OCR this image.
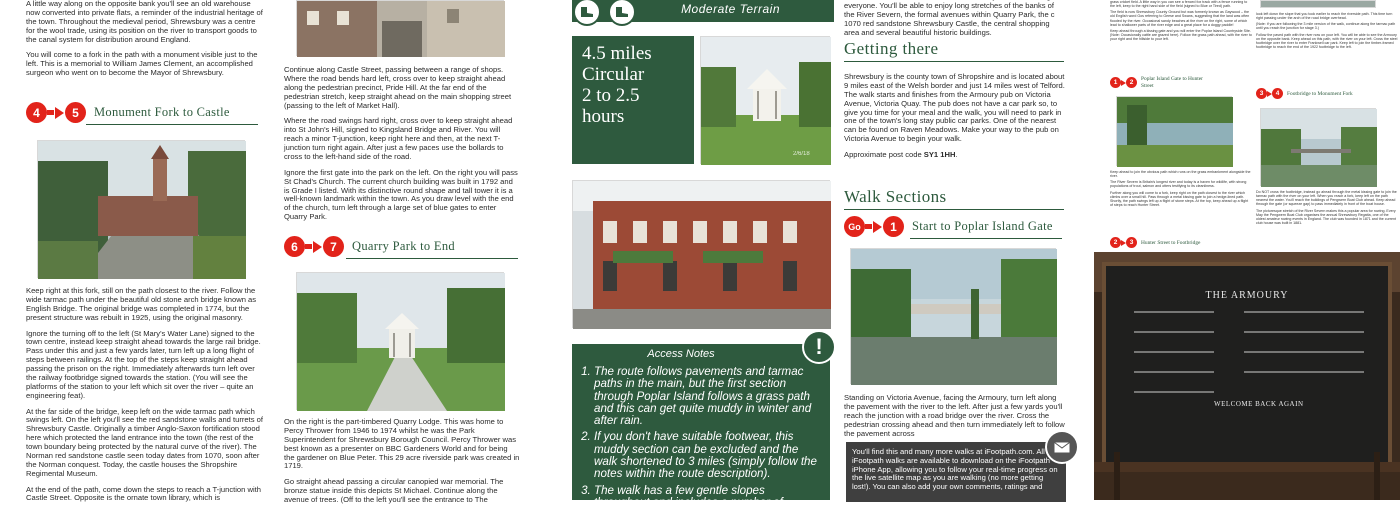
A little way along on the opposite bank you'll see an old warehouse now converted into private flats, a reminder of the industrial heritage of the town. Throughout the medieval period, Shrewsbury was a centre for the wool trade, using its position on the river to transport goods to the canal system for distribution around England.

You will come to a fork in the path with a monument visible just to the left. This is a memorial to William James Clement, an accomplished surgeon who went on to become the Mayor of Shrewsbury.

4	5	Monument Fork to Castle

Keep right at this fork, still on the path closest to the river. Follow the wide tarmac path under the beautiful old stone arch bridge known as English Bridge. The original bridge was completed in 1774, but the present structure was rebuilt in 1925, using the original masonry.

Ignore the turning off to the left (St Mary's Water Lane) signed to the town centre, instead keep straight ahead towards the large rail bridge. Pass under this and just a few yards later, turn left up a long flight of steps between railings. At the top of the steps keep straight ahead passing the prison on the right. Immediately afterwards turn left over the railway footbridge signed towards the station. (You will see the platforms of the station to your left which sit over the river – quite an engineering feat).

At the far side of the bridge, keep left on the wide tarmac path which swings left. On the left you'll see the red sandstone walls and turrets of Shrewsbury Castle. Originally a timber Anglo-Saxon fortification stood here which protected the land entrance into the town (the rest of the town boundary being protected by the natural curve of the river). The Norman red sandstone castle seen today dates from 1070, soon after the Norman conquest. Today, the castle houses the Shropshire Regimental Museum.

At the end of the path, come down the steps to reach a T-junction with Castle Street. Opposite is the ornate town library, which is

Continue along Castle Street, passing between a range of shops. Where the road bends hard left, cross over to keep straight ahead along the pedestrian precinct, Pride Hill. At the far end of the pedestrian stretch, keep straight ahead on the main shopping street (passing to the left of Market Hall).

Where the road swings hard right, cross over to keep straight ahead into St John's Hill, signed to Kingsland Bridge and River. You will reach a minor T-junction, keep right here and then, at the next T-junction turn right again. After just a few paces use the bollards to cross to the left-hand side of the road.

Ignore the first gate into the park on the left. On the right you will pass St Chad's Church. The current church building was built in 1792 and is Grade I listed. With its distinctive round shape and tall tower it is a well-known landmark within the town. As you draw level with the end of the church, turn left through a large set of blue gates to enter Quarry Park.

6	7	Quarry Park to End

On the right is the part-timbered Quarry Lodge. This was home to Percy Thrower from 1946 to 1974 whilst he was the Park Superintendent for Shrewsbury Borough Council. Percy Thrower was best known as a presenter on BBC Gardeners World and for being the gardener on Blue Peter. This 29 acre riverside park was created in 1719.

Go straight ahead passing a circular canopied war memorial. The bronze statue inside this depicts St Michael. Continue along the avenue of trees. (Off to the left you'll see the entrance to The

Moderate Terrain
4.5 miles
Circular
2 to 2.5
hours
2/6/18
Access Notes
1. The route follows pavements and tarmac paths in the main, but the first section through Poplar Island follows a grass path and this can get quite muddy in winter and after rain.
2. If you don't have suitable footwear, this muddy section can be excluded and the walk shortened to 3 miles (simply follow the notes within the route description).
3. The walk has a few gentle slopes throughout and includes a number of gates/kissing gates
!

everyone. You'll be able to enjoy long stretches of the banks of the River Severn, the formal avenues within Quarry Park, the c 1070 red sandstone Shrewsbury Castle, the central shopping area and several beautiful historic buildings.

Getting there

Shrewsbury is the county town of Shropshire and is located about 9 miles east of the Welsh border and just 14 miles west of Telford. The walk starts and finishes from the Armoury pub on Victoria Avenue, Victoria Quay. The pub does not have a car park so, to give you time for your meal and the walk, you will need to park in one of the town's long stay public car parks. One of the nearest can be found on Raven Meadows. Make your way to the pub on Victoria Avenue to begin your walk.

Approximate post code SY1 1HH.

Walk Sections
Go	1	Start to Poplar Island Gate

Standing on Victoria Avenue, facing the Armoury, turn left along the pavement with the river to the left. After just a few yards you'll reach the junction with a road bridge over the river. Cross the pedestrian crossing ahead and then turn immediately left to follow the pavement across

You'll find this and many more walks at iFootpath.com. All iFootpath walks are available to download on the iFootpath iPhone App, allowing you to follow your real-time progress on the live satellite map as you are walking (no more getting lost!). You can also add your own comments, ratings and
grass cricket field. A little way in you can see a fenced fox track with a fence running to the left, keep to the right hand side of the field (signed to Blue or Tired) path.
The field is now Shrewsbury County Ground but was formerly known as Gaywood – the old English word Gos referring to Geese and Swans, suggesting that the land was often flooded by the river. Occasional sandy beaches at the river on the right, some of which lead to shallower parts of the river edge and a great place for a doggy paddle!
Keep ahead through a kissing gate and you will enter the Poplar Island Countryside Site. (Note: Occasionally cattle are grazed here). Follow the grass path ahead, with the river to your right and the hillside to your left.
1	2
Poplar Island Gate to Hunter Street
Keep ahead to join the obvious path which runs on the grass embankment alongside the river.
The River Severn is Britain's longest river and today is a haven for wildlife, with strong populations of trout, salmon and otters testifying to its cleanliness.
Further along you will come to a fork, keep right on the path closest to the river which climbs over a small hill. Pass through a metal kissing gate to join a hedge-lined path. Shortly, the path swings left up a flight of stone steps. At the top, keep ahead up a flight of steps to reach Hunter Street.
2	3	Hunter Street to Footbridge
look left down the slope that you took earlier to reach the riverside path. This time turn right passing under the arch of the road bridge overhead.
(Note: if you are following the 3 mile version of the walk, continue along the tarmac path until you reach the junction for stage 3.)
Follow the paved path with the river now on your left. You will be able to see the Armoury on the opposite bank. Keep ahead on this path, with the river on your left. Cross the steel footbridge over the river to enter Frankwell car park. Keep left to join the timber-framed footbridge to reach the end of the 1922 footbridge to the left.
3	4	Footbridge to Monument Fork
Do NOT cross the footbridge, instead go ahead through the metal kissing gate to join the tarmac path with the river on your left. When you reach a fork, keep left on the path nearest the water. You'll reach the buildings of Pengwern Boat Club ahead. Keep ahead through the gate (or squeeze gap) to pass immediately in front of the boat house.
The picturesque stretch of the River Severn makes this a popular area for rowing. Every May the Pengwern Boat Club organises the annual Shrewsbury Regatta, one of the oldest amateur rowing events in England. The club was founded in 1871 and the current club house was built in 1881.
THE ARMOURY
WELCOME BACK AGAIN
